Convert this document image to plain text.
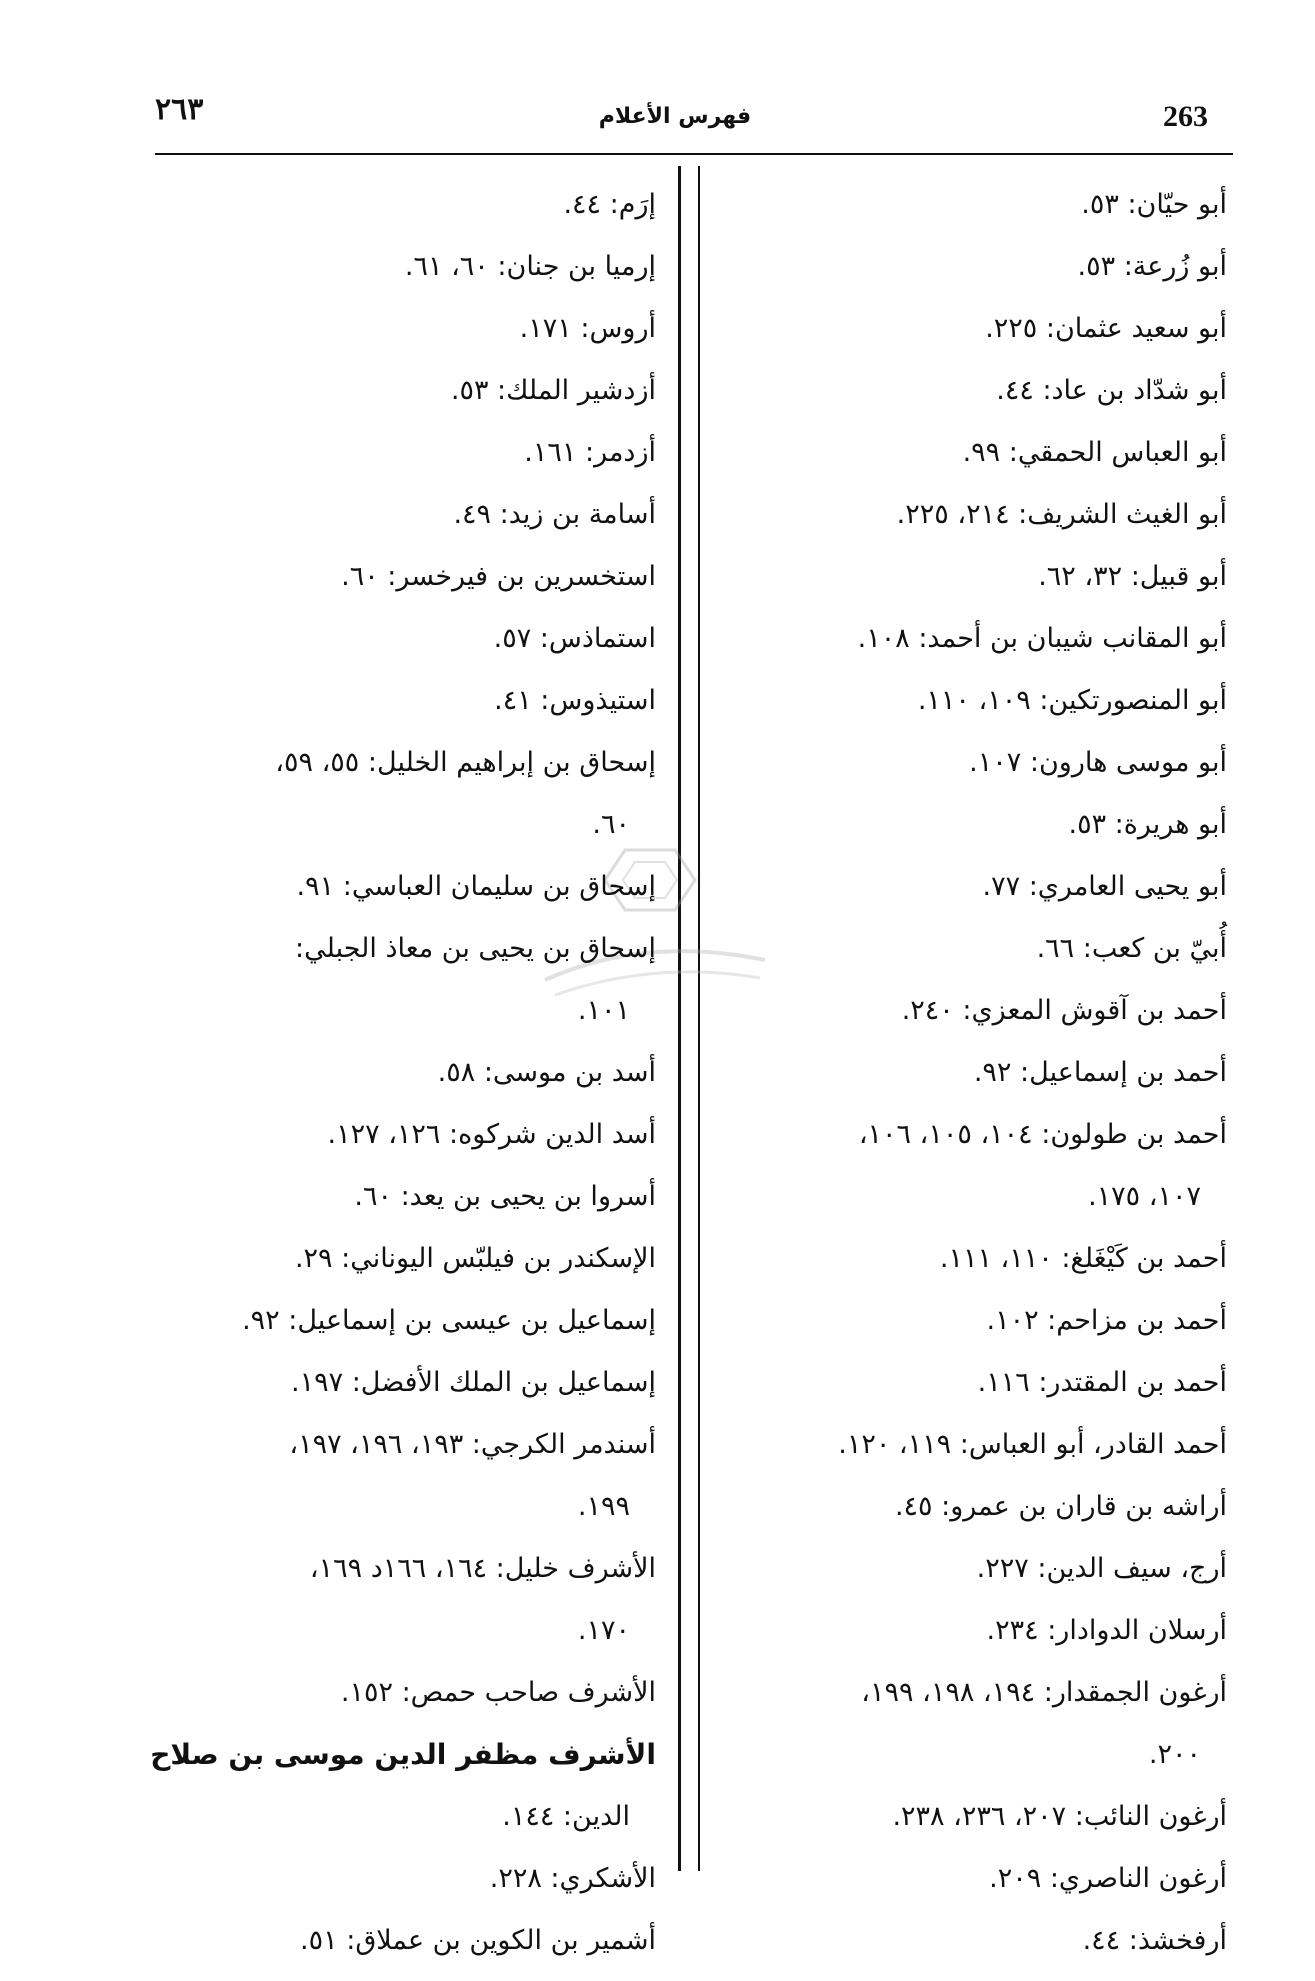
٢٦٣	فهرس الأعلام	263
أبو حيّان: ٥٣.
أبو زُرعة: ٥٣.
أبو سعيد عثمان: ٢٢٥.
أبو شدّاد بن عاد: ٤٤.
أبو العباس الحمقي: ٩٩.
أبو الغيث الشريف: ٢١٤، ٢٢٥.
أبو قبيل: ٣٢، ٦٢.
أبو المقانب شيبان بن أحمد: ١٠٨.
أبو المنصورتكين: ١٠٩، ١١٠.
أبو موسى هارون: ١٠٧.
أبو هريرة: ٥٣.
أبو يحيى العامري: ٧٧.
أُبيّ بن كعب: ٦٦.
أحمد بن آقوش المعزي: ٢٤٠.
أحمد بن إسماعيل: ٩٢.
أحمد بن طولون: ١٠٤، ١٠٥، ١٠٦،
١٠٧، ١٧٥.
أحمد بن كَيْغَلغ: ١١٠، ١١١.
أحمد بن مزاحم: ١٠٢.
أحمد بن المقتدر: ١١٦.
أحمد القادر، أبو العباس: ١١٩، ١٢٠.
أراشه بن قاران بن عمرو: ٤٥.
أرج، سيف الدين: ٢٢٧.
أرسلان الدوادار: ٢٣٤.
أرغون الجمقدار: ١٩٤، ١٩٨، ١٩٩،
٢٠٠.
أرغون النائب: ٢٠٧، ٢٣٦، ٢٣٨.
أرغون الناصري: ٢٠٩.
أرفخشذ: ٤٤.
إرَم: ٤٤.
إرميا بن جنان: ٦٠، ٦١.
أروس: ١٧١.
أزدشير الملك: ٥٣.
أزدمر: ١٦١.
أسامة بن زيد: ٤٩.
استخسرين بن فيرخسر: ٦٠.
استماذس: ٥٧.
استيذوس: ٤١.
إسحاق بن إبراهيم الخليل: ٥٥، ٥٩،
٦٠.
إسحاق بن سليمان العباسي: ٩١.
إسحاق بن يحيى بن معاذ الجبلي:
١٠١.
أسد بن موسى: ٥٨.
أسد الدين شركوه: ١٢٦، ١٢٧.
أسروا بن يحيى بن يعد: ٦٠.
الإسكندر بن فيلبّس اليوناني: ٢٩.
إسماعيل بن عيسى بن إسماعيل: ٩٢.
إسماعيل بن الملك الأفضل: ١٩٧.
أسندمر الكرجي: ١٩٣، ١٩٦، ١٩٧،
١٩٩.
الأشرف خليل: ١٦٤، ١٦٦د ١٦٩،
١٧٠.
الأشرف صاحب حمص: ١٥٢.
الأشرف مظفر الدين موسى بن صلاح
الدين: ١٤٤.
الأشكري: ٢٢٨.
أشمير بن الكوين بن عملاق: ٥١.
